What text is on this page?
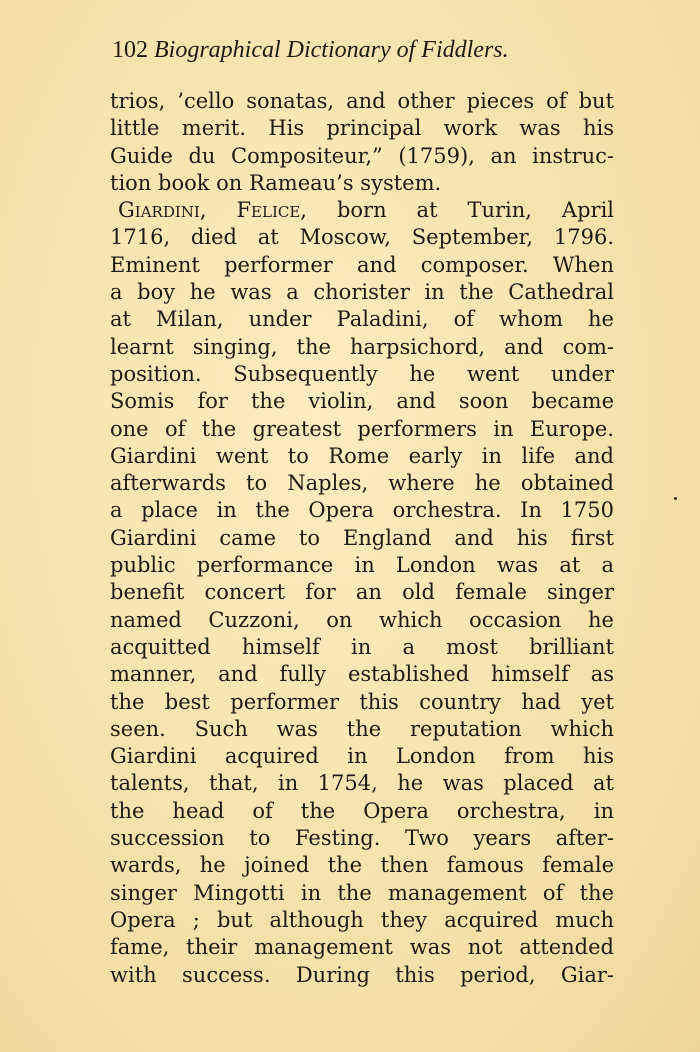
102 Biographical Dictionary of Fiddlers.
trios, ’cello sonatas, and other pieces of but
little merit. His principal work was his
Guide du Compositeur,” (1759), an instruc-
tion book on Rameau’s system.
Giardini, Felice, born at Turin, April
1716, died at Moscow, September, 1796.
Eminent performer and composer. When
a boy he was a chorister in the Cathedral
at Milan, under Paladini, of whom he
learnt singing, the harpsichord, and com-
position. Subsequently he went under
Somis for the violin, and soon became
one of the greatest performers in Europe.
Giardini went to Rome early in life and
afterwards to Naples, where he obtained
a place in the Opera orchestra. In 1750
Giardini came to England and his first
public performance in London was at a
benefit concert for an old female singer
named Cuzzoni, on which occasion he
acquitted himself in a most brilliant
manner, and fully established himself as
the best performer this country had yet
seen. Such was the reputation which
Giardini acquired in London from his
talents, that, in 1754, he was placed at
the head of the Opera orchestra, in
succession to Festing. Two years after-
wards, he joined the then famous female
singer Mingotti in the management of the
Opera ; but although they acquired much
fame, their management was not attended
with success. During this period, Giar-
